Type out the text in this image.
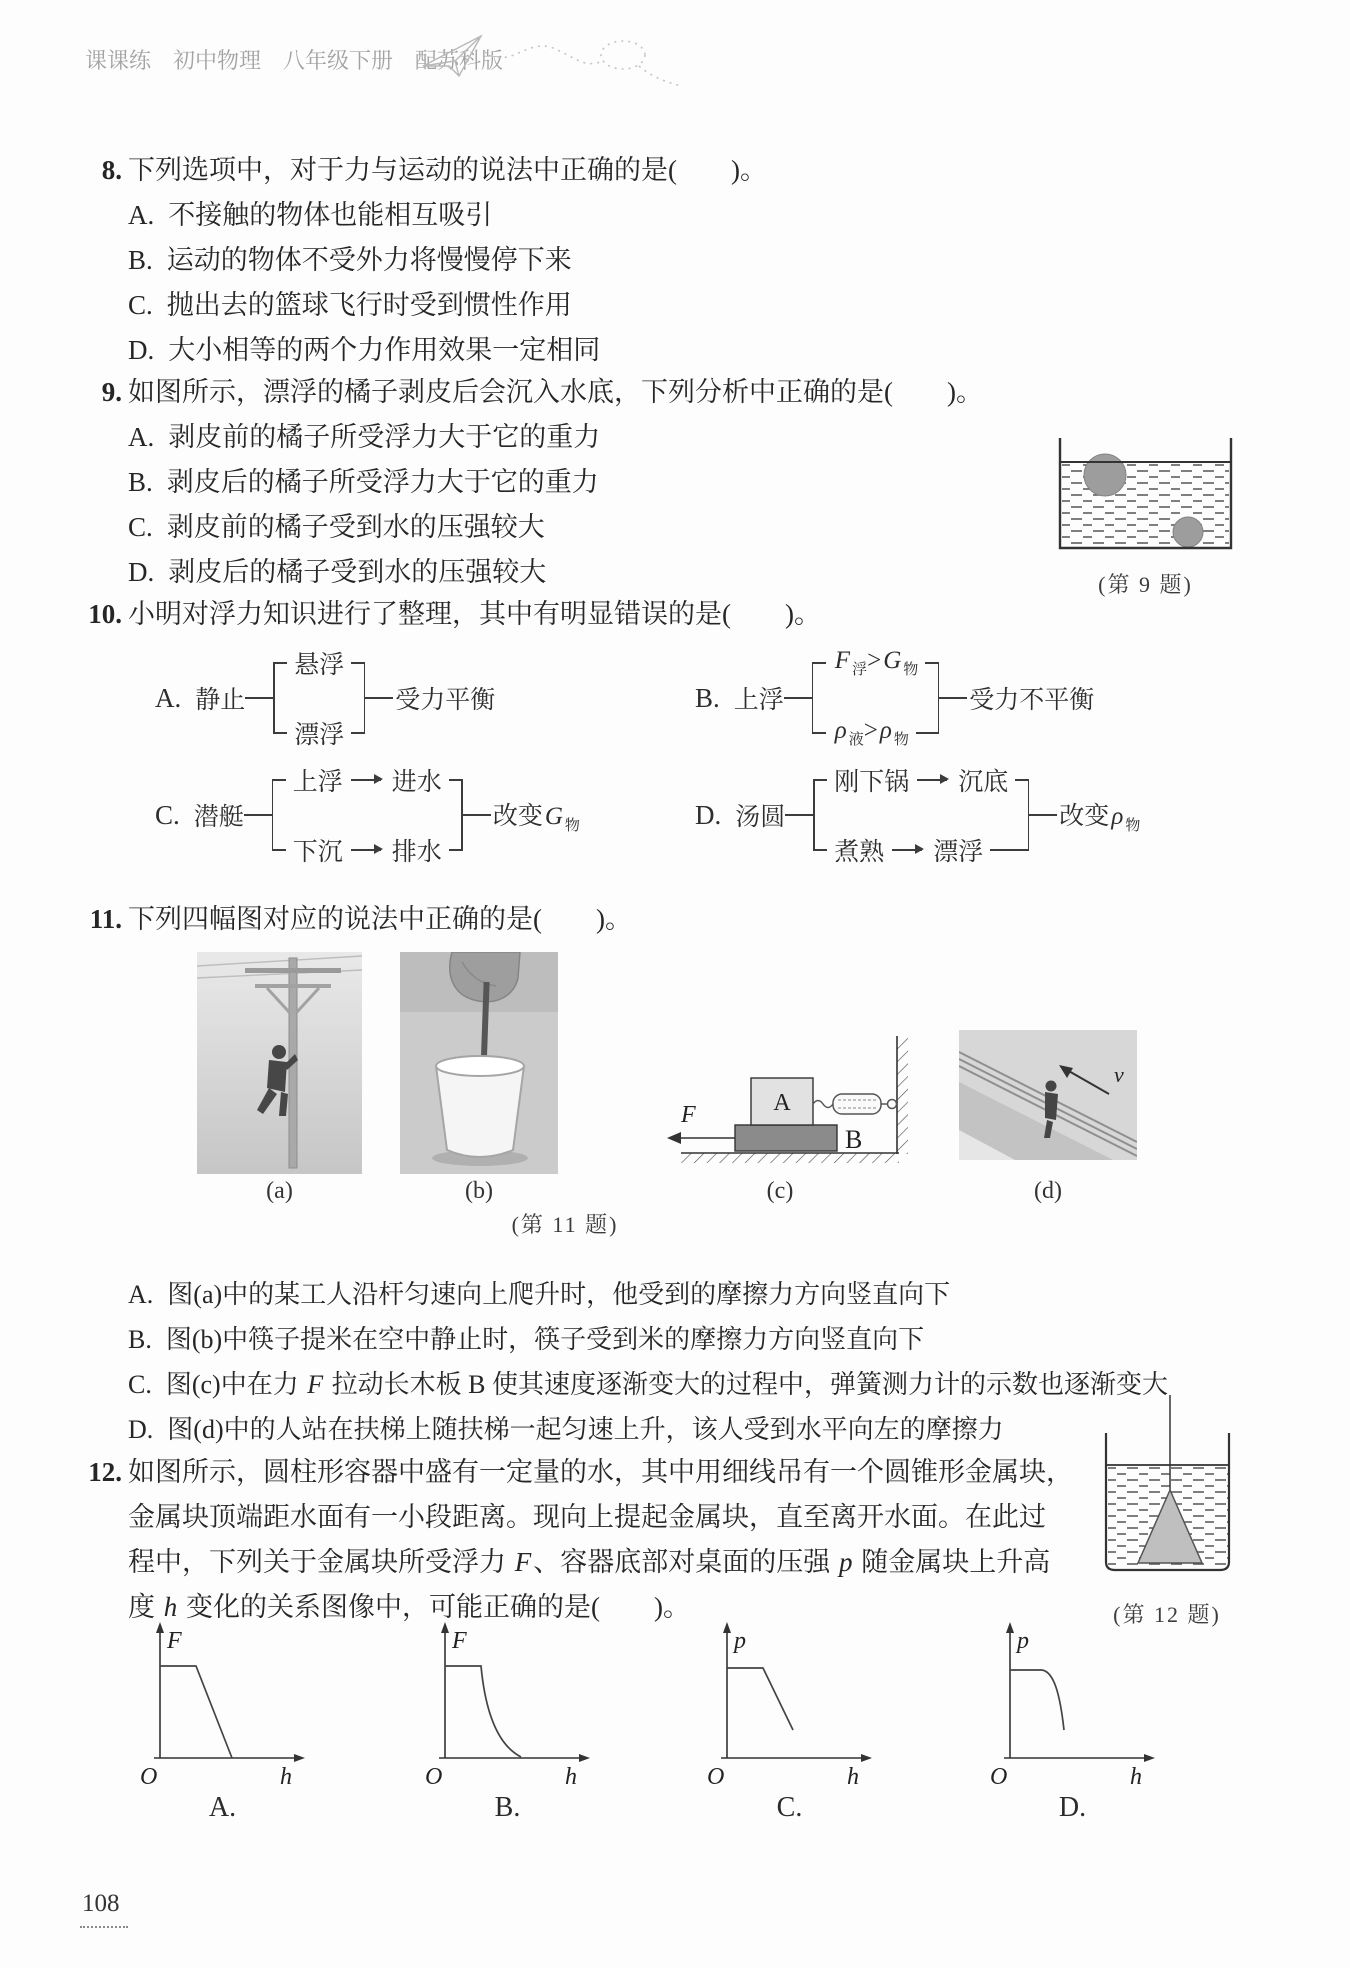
课课练 初中物理 八年级下册 配苏科版
8. 下列选项中，对于力与运动的说法中正确的是(　　)。
A. 不接触的物体也能相互吸引
B. 运动的物体不受外力将慢慢停下来
C. 抛出去的篮球飞行时受到惯性作用
D. 大小相等的两个力作用效果一定相同
9. 如图所示，漂浮的橘子剥皮后会沉入水底，下列分析中正确的是(　　)。
A. 剥皮前的橘子所受浮力大于它的重力
B. 剥皮后的橘子所受浮力大于它的重力
C. 剥皮前的橘子受到水的压强较大
D. 剥皮后的橘子受到水的压强较大	(第 9 题)
10. 小明对浮力知识进行了整理，其中有明显错误的是(　　)。
A. 静止
悬浮
漂浮
受力平衡	B. 上浮
F $_浮$>G $_物$
ρ $_液$>ρ $_物$
受力不平衡
C. 潜艇
上浮 进水
下沉 排水
改变G $_物$	D. 汤圆
刚下锅 沉底
煮熟 漂浮
改变ρ $_物$
11. 下列四幅图对应的说法中正确的是(　　)。
F	A
B
v
(a)	(b)	(c)	(d)
(第 11 题)
A. 图(a)中的某工人沿杆匀速向上爬升时，他受到的摩擦力方向竖直向下
B. 图(b)中筷子提米在空中静止时，筷子受到米的摩擦力方向竖直向下
C. 图(c)中在力 F 拉动长木板 B 使其速度逐渐变大的过程中，弹簧测力计的示数也逐渐变大
D. 图(d)中的人站在扶梯上随扶梯一起匀速上升，该人受到水平向左的摩擦力
12. 如图所示，圆柱形容器中盛有一定量的水，其中用细线吊有一个圆锥形金属块，
金属块顶端距水面有一小段距离。现向上提起金属块，直至离开水面。在此过
程中，下列关于金属块所受浮力 F、容器底部对桌面的压强 p 随金属块上升高
度 h 变化的关系图像中，可能正确的是(　　)。	(第 12 题)
F
h
O
F
h
O
p
h
O
p
h
O
A.	B.	C.	D.
108
